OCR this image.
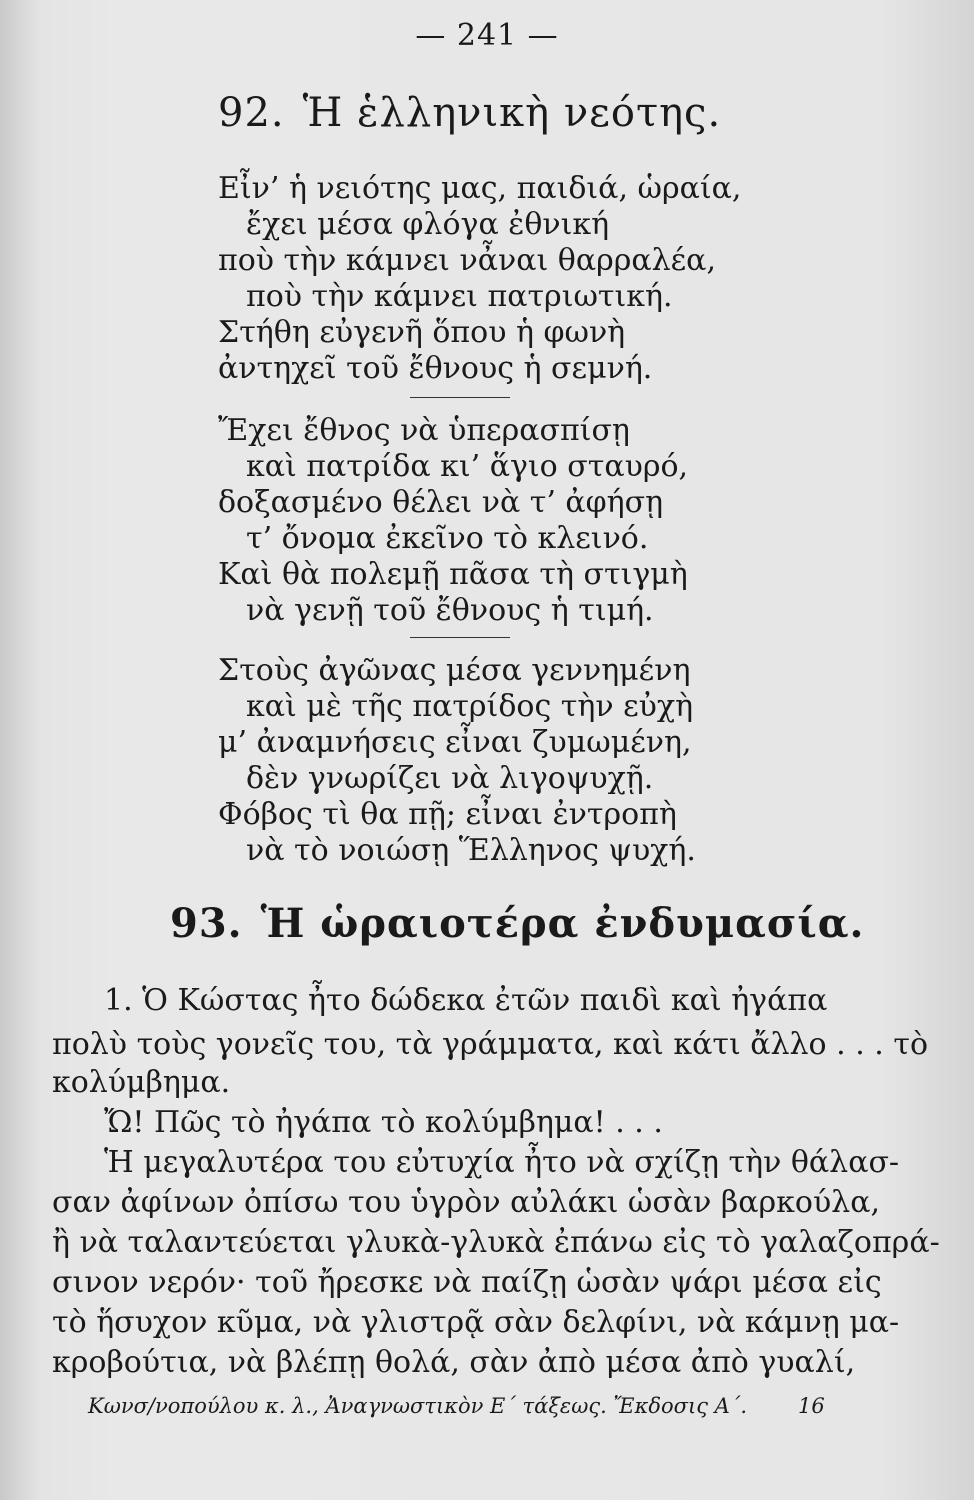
— 241 —
92. Ἡ ἑλληνικὴ νεότης.
Εἶν’ ἡ νειότης μας, παιδιά, ὡραία,
ἔχει μέσα φλόγα ἐθνική
ποὺ τὴν κάμνει νἆναι θαρραλέα,
ποὺ τὴν κάμνει πατριωτική.
Στήθη εὐγενῆ ὅπου ἡ φωνὴ
ἀντηχεῖ τοῦ ἔθνους ἡ σεμνή.
Ἔχει ἔθνος νὰ ὑπερασπίσῃ
καὶ πατρίδα κι’ ἅγιο σταυρό,
δοξασμένο θέλει νὰ τ’ ἀφήσῃ
τ’ ὄνομα ἐκεῖνο τὸ κλεινό.
Καὶ θὰ πολεμῇ πᾶσα τὴ στιγμὴ
νὰ γενῇ τοῦ ἔθνους ἡ τιμή.
Στοὺς ἀγῶνας μέσα γεννημένη
καὶ μὲ τῆς πατρίδος τὴν εὐχὴ
μ’ ἀναμνήσεις εἶναι ζυμωμένη,
δὲν γνωρίζει νὰ λιγοψυχῇ.
Φόβος τὶ θα πῇ; εἶναι ἐντροπὴ
νὰ τὸ νοιώσῃ Ἕλληνος ψυχή.
93. Ἡ ὡραιοτέρα ἐνδυμασία.
1. Ὁ Κώστας ἦτο δώδεκα ἐτῶν παιδὶ καὶ ἠγάπα
πολὺ τοὺς γονεῖς του, τὰ γράμματα, καὶ κάτι ἄλλο . . . τὸ
κολύμβημα.
Ὤ! Πῶς τὸ ἠγάπα τὸ κολύμβημα! . . .
Ἡ μεγαλυτέρα του εὐτυχία ἦτο νὰ σχίζῃ τὴν θάλασ-
σαν ἀφίνων ὀπίσω του ὑγρὸν αὐλάκι ὡσὰν βαρκούλα,
ἢ νὰ ταλαντεύεται γλυκὰ-γλυκὰ ἐπάνω εἰς τὸ γαλαζοπρά-
σινον νερόν· τοῦ ἤρεσκε νὰ παίζῃ ὡσὰν ψάρι μέσα εἰς
τὸ ἥσυχον κῦμα, νὰ γλιστρᾷ σὰν δελφίνι, νὰ κάμνῃ μα-
κροβούτια, νὰ βλέπῃ θολά, σὰν ἀπὸ μέσα ἀπὸ γυαλί,
Κωνσ/νοπούλου κ. λ., Ἀναγνωστικὸν Ε΄ τάξεως. Ἔκδοσις Α΄. 16
